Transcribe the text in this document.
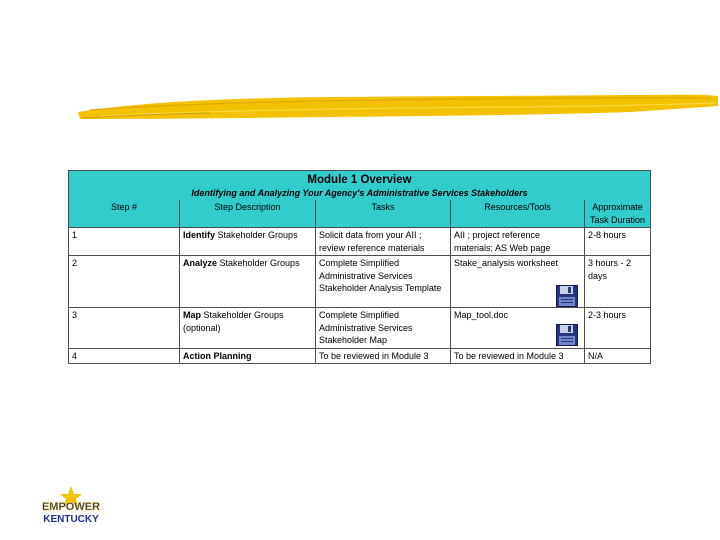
Module 1 Overview
Identifying and Analyzing Your Agency's Administrative Services Stakeholders				

Step #	Step Description	Tasks	Resources/Tools	Approximate Task Duration
1	Identify Stakeholder Groups	Solicit data from your AII ; review reference materials	AII ; project reference materials; AS Web page	2-8 hours
2	Analyze Stakeholder Groups	Complete Simplified Administrative Services Stakeholder Analysis Template	Stake_analysis worksheet	3 hours - 2 days
3	Map Stakeholder Groups (optional)	Complete Simplified Administrative Services Stakeholder Map	Map_tool.doc	2-3 hours
4	Action Planning	To be reviewed in Module 3	To be reviewed in Module 3	N/A
EMPOWER
KENTUCKY
